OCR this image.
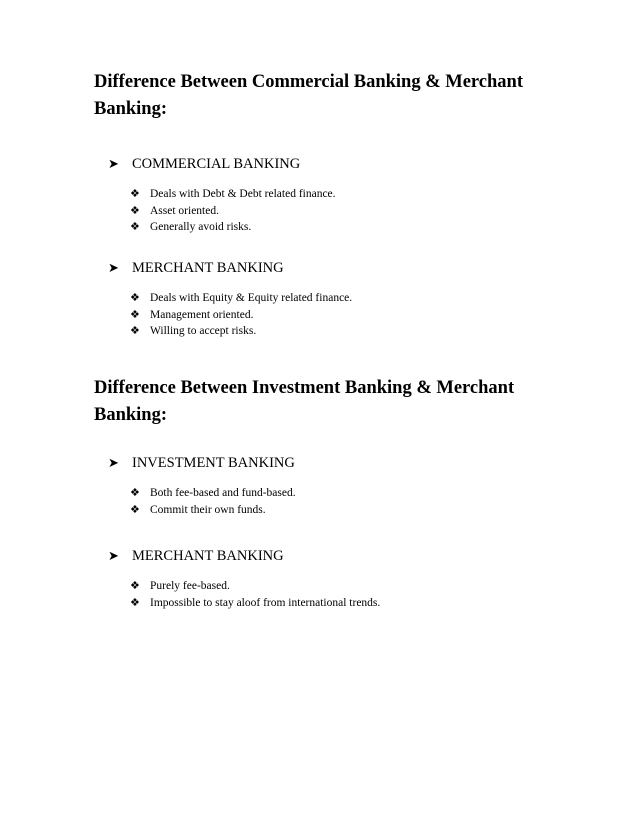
Difference Between Commercial Banking & Merchant
Banking:
➤ COMMERCIAL BANKING
❖ Deals with Debt & Debt related finance.
❖ Asset oriented.
❖ Generally avoid risks.
➤ MERCHANT BANKING
❖ Deals with Equity & Equity related finance.
❖ Management oriented.
❖ Willing to accept risks.
Difference Between Investment Banking & Merchant
Banking:
➤ INVESTMENT BANKING
❖ Both fee-based and fund-based.
❖ Commit their own funds.
➤ MERCHANT BANKING
❖ Purely fee-based.
❖ Impossible to stay aloof from international trends.
